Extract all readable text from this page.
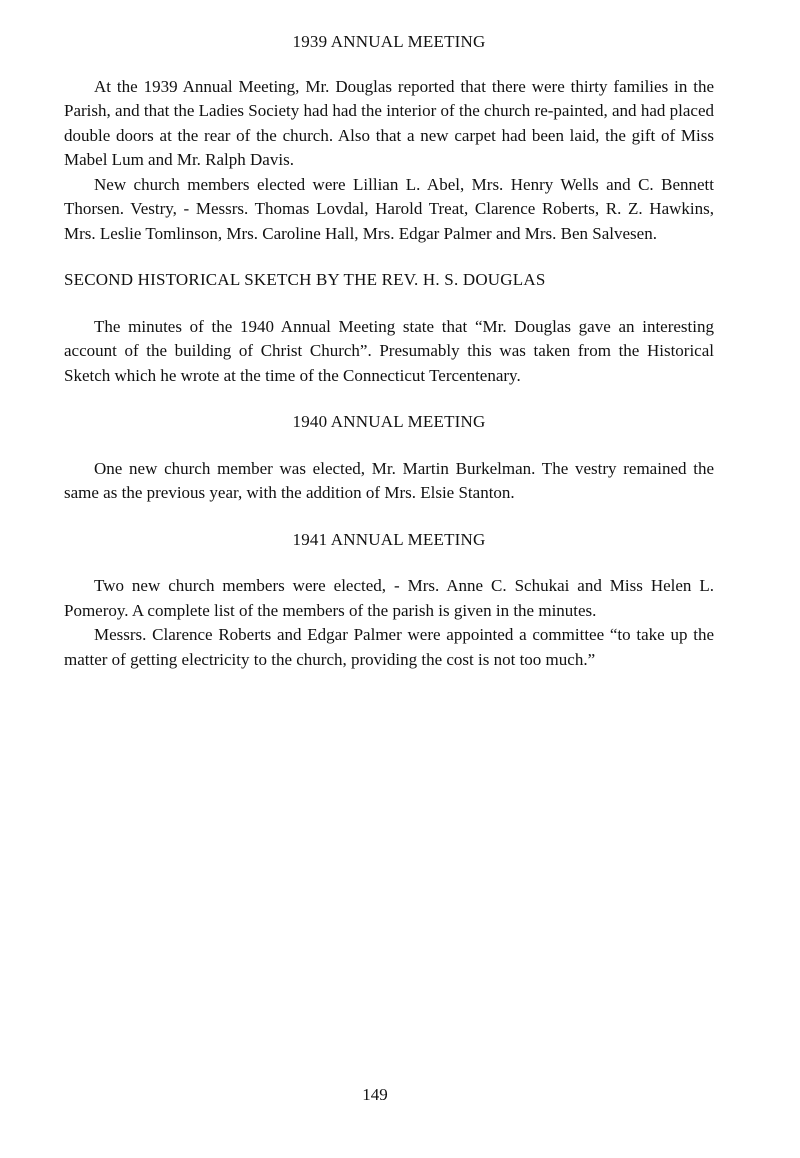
1939 ANNUAL MEETING

At the 1939 Annual Meeting, Mr. Douglas reported that there were thirty families in the Parish, and that the Ladies Society had had the interior of the church re-painted, and had placed double doors at the rear of the church. Also that a new carpet had been laid, the gift of Miss Mabel Lum and Mr. Ralph Davis.

New church members elected were Lillian L. Abel, Mrs. Henry Wells and C. Bennett Thorsen. Vestry, - Messrs. Thomas Lovdal, Harold Treat, Clarence Roberts, R. Z. Hawkins, Mrs. Leslie Tomlinson, Mrs. Caroline Hall, Mrs. Edgar Palmer and Mrs. Ben Salvesen.

SECOND HISTORICAL SKETCH BY THE REV. H. S. DOUGLAS

The minutes of the 1940 Annual Meeting state that “Mr. Douglas gave an interesting account of the building of Christ Church”. Presumably this was taken from the Historical Sketch which he wrote at the time of the Connecticut Tercentenary.

1940 ANNUAL MEETING

One new church member was elected, Mr. Martin Burkelman. The vestry remained the same as the previous year, with the addition of Mrs. Elsie Stanton.

1941 ANNUAL MEETING

Two new church members were elected, - Mrs. Anne C. Schukai and Miss Helen L. Pomeroy. A complete list of the members of the parish is given in the minutes.

Messrs. Clarence Roberts and Edgar Palmer were appointed a committee “to take up the matter of getting electricity to the church, providing the cost is not too much.”

149
